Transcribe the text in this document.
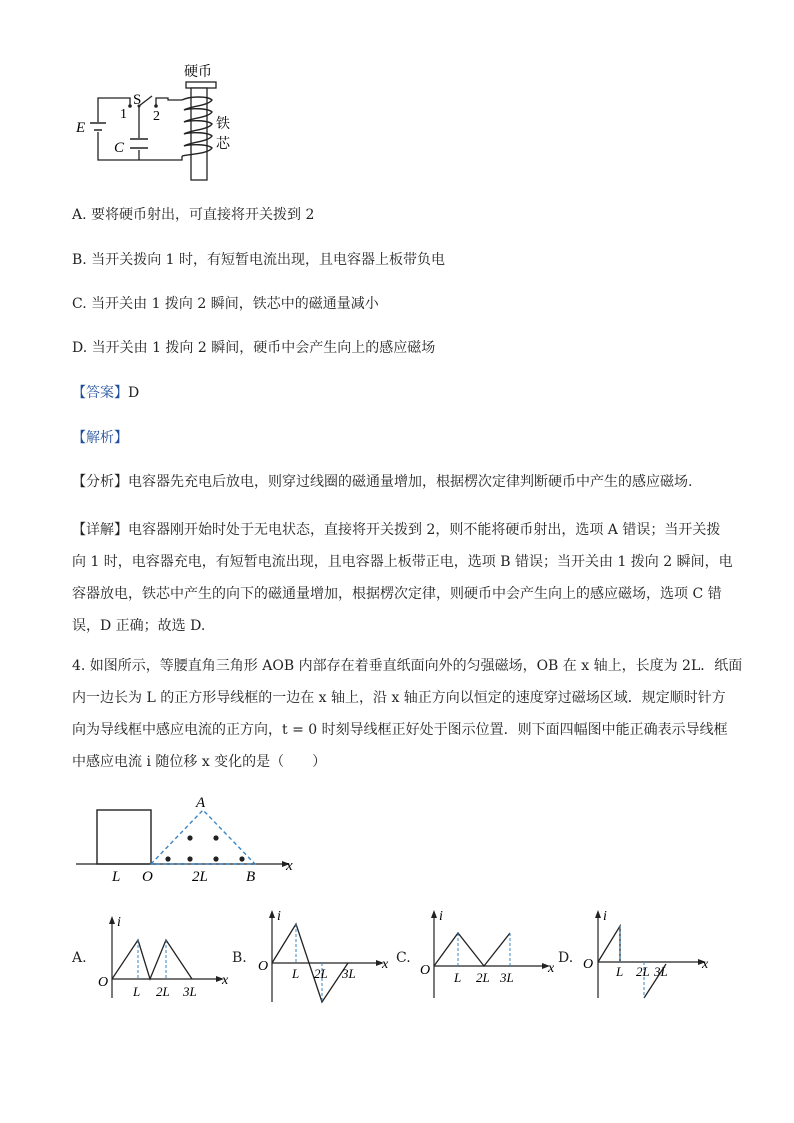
硬币
S
1 2
E
C
铁
芯
A. 要将硬币射出，可直接将开关拨到 2
B. 当开关拨向 1 时，有短暂电流出现，且电容器上板带负电
C. 当开关由 1 拨向 2 瞬间，铁芯中的磁通量减小
D. 当开关由 1 拨向 2 瞬间，硬币中会产生向上的感应磁场
【答案】D
【解析】
【分析】电容器先充电后放电，则穿过线圈的磁通量增加，根据楞次定律判断硬币中产生的感应磁场.
【详解】电容器刚开始时处于无电状态，直接将开关拨到 2，则不能将硬币射出，选项 A 错误；当开关拨
向 1 时，电容器充电，有短暂电流出现，且电容器上板带正电，选项 B 错误；当开关由 1 拨向 2 瞬间，电
容器放电，铁芯中产生的向下的磁通量增加，根据楞次定律，则硬币中会产生向上的感应磁场，选项 C 错
误，D 正确；故选 D.
4. 如图所示，等腰直角三角形 AOB 内部存在着垂直纸面向外的匀强磁场，OB 在 x 轴上，长度为 2L．纸面
内一边长为 L 的正方形导线框的一边在 x 轴上，沿 x 轴正方向以恒定的速度穿过磁场区域．规定顺时针方
向为导线框中感应电流的正方向，t = 0 时刻导线框正好处于图示位置．则下面四幅图中能正确表示导线框
中感应电流 i 随位移 x 变化的是（　　）
A
O	B
L	2L
x
A.
i
O	x
L 2L 3L
B.
i
O	x
L 2L 3L
C.
i
O	x
L 2L 3L
D.
i
O	x
L 2L 3L
